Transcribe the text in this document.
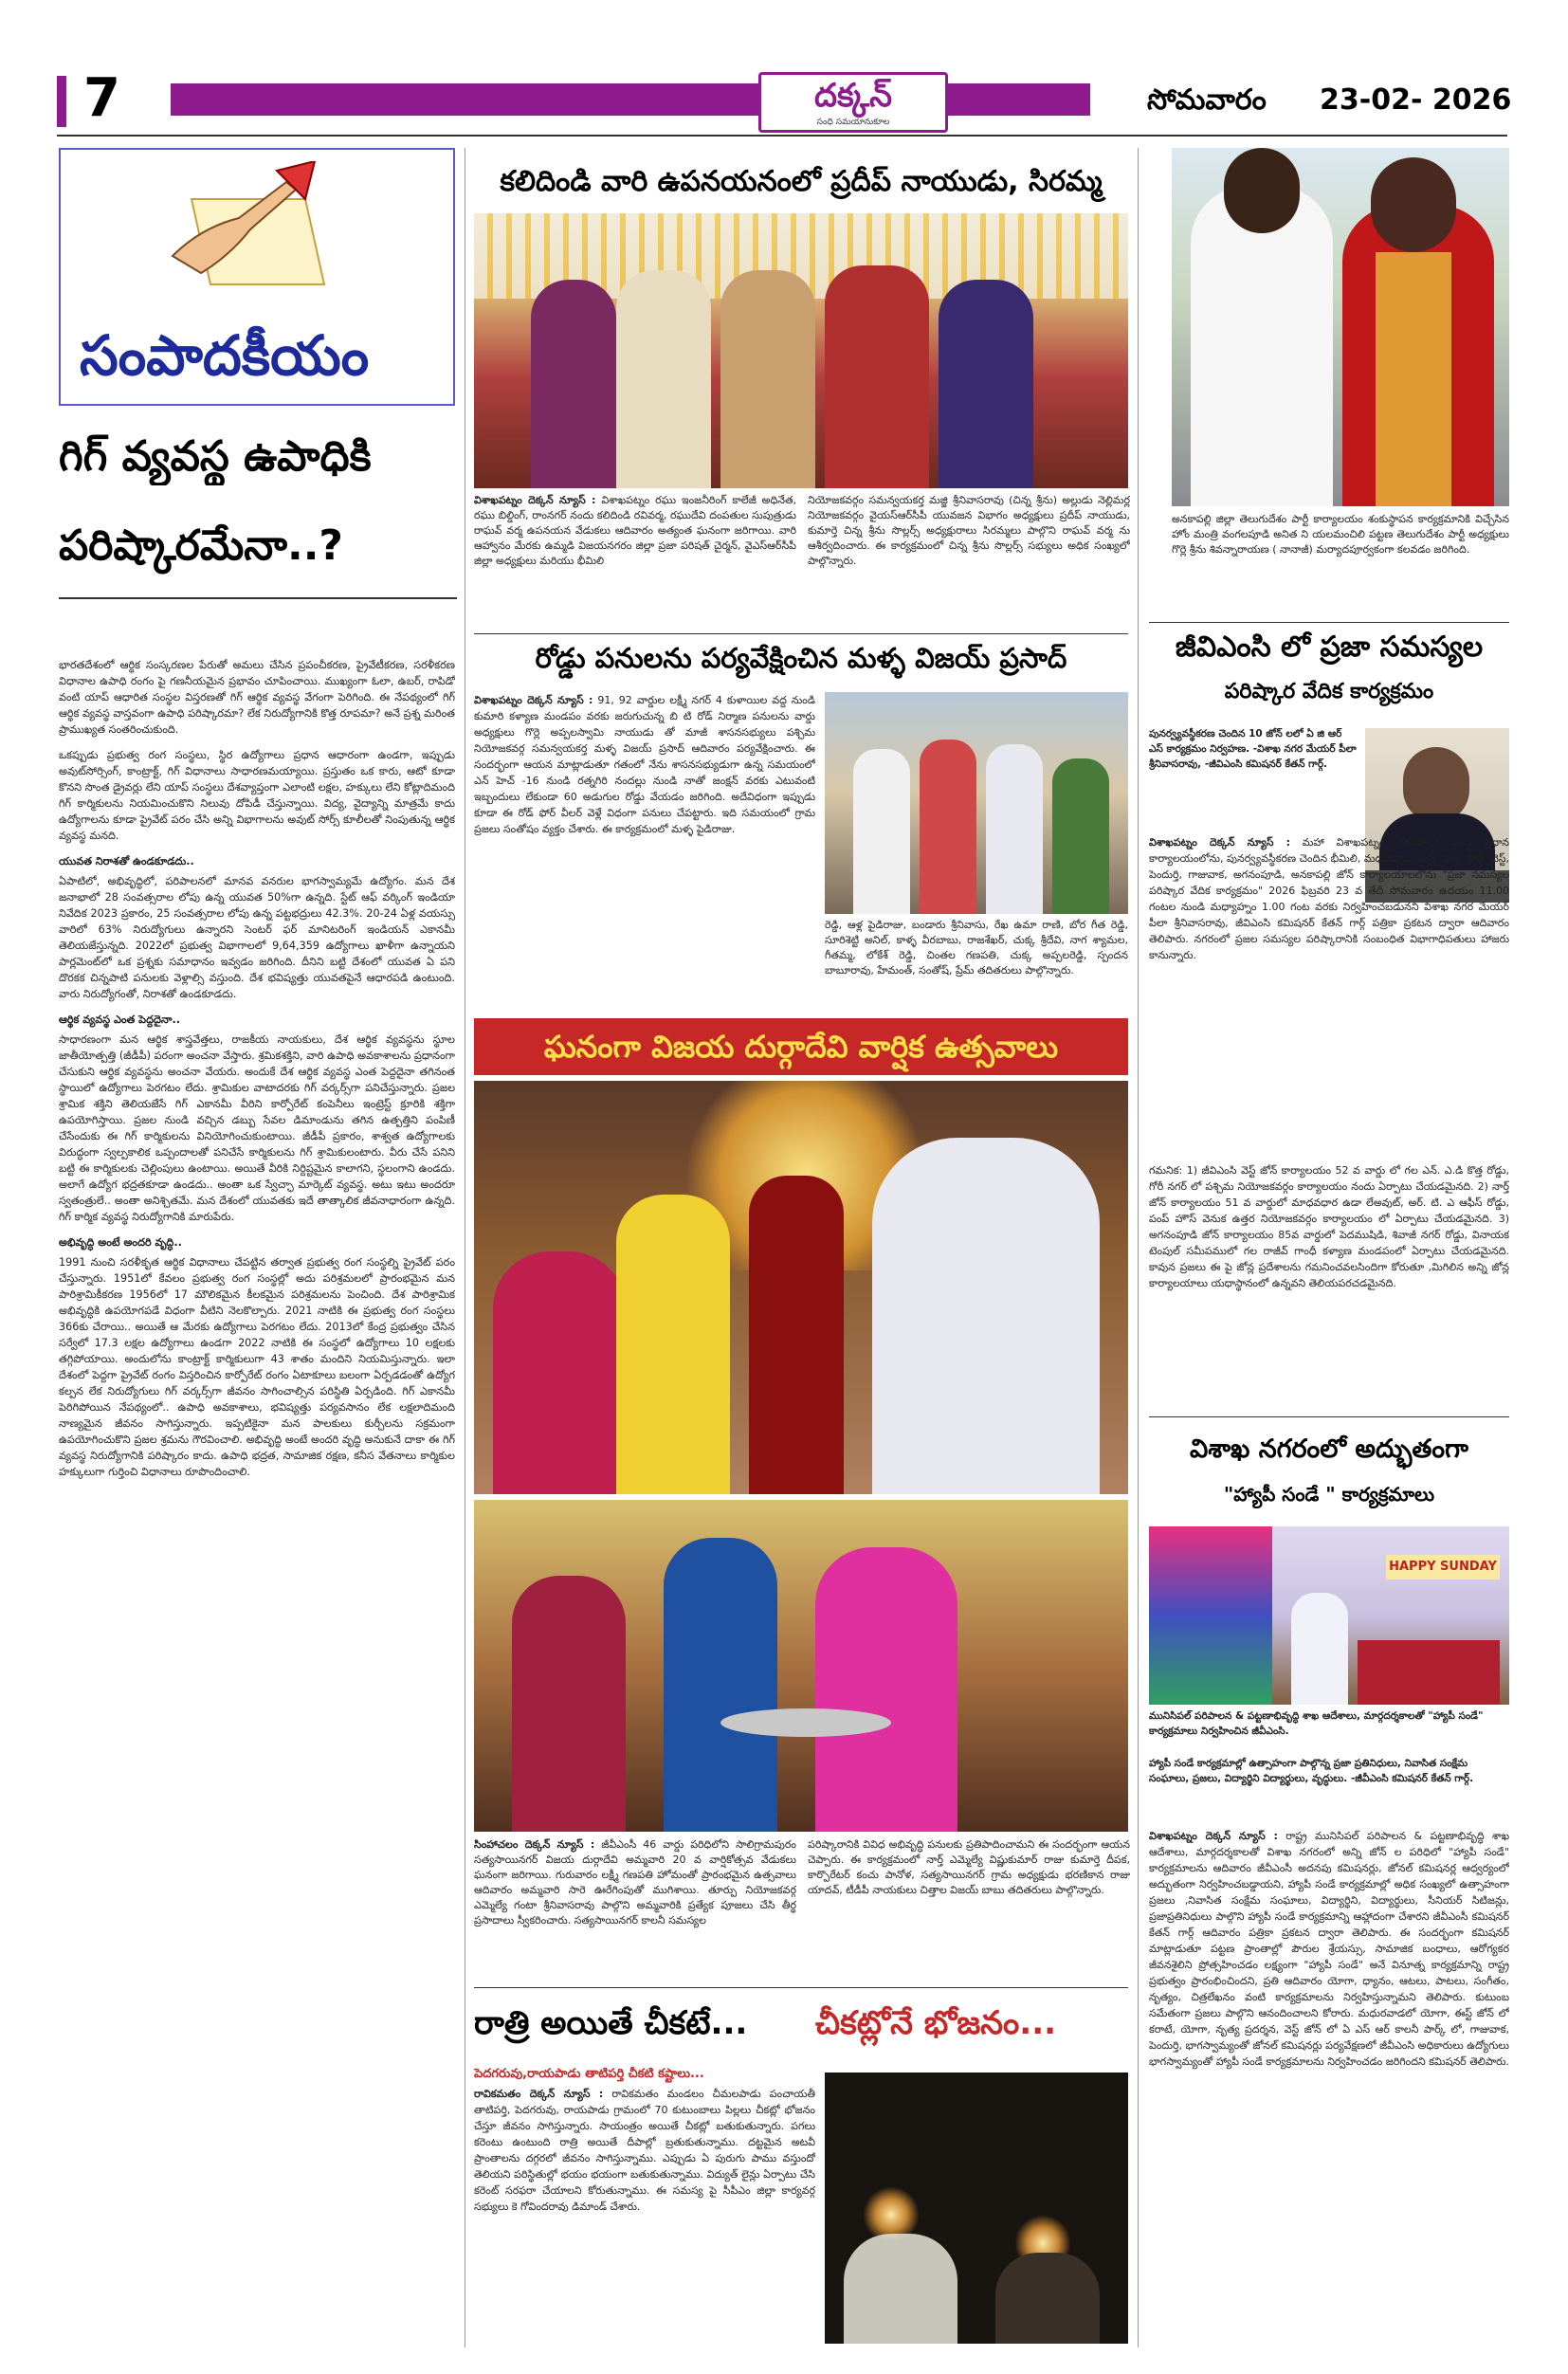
7	దక్కన్
సంధి సమయానుకూల
సోమవారం 23-02- 2026
సంపాదకీయం
గిగ్ వ్యవస్థ ఉపాధికి
పరిష్కారమేనా..?

భారతదేశంలో ఆర్థిక సంస్కరణల పేరుతో అమలు చేసిన ప్రపంచీకరణ, ప్రైవేటీకరణ, సరళీకరణ విధానాల ఉపాధి రంగం పై గణనీయమైన ప్రభావం చూపించాయి. ముఖ్యంగా ఓలా, ఉబర్, రాపిడో వంటి యాప్ ఆధారిత సంస్థల విస్తరణతో గిగ్ ఆర్థిక వ్యవస్థ వేగంగా పెరిగింది. ఈ నేపథ్యంలో గిగ్ ఆర్థిక వ్యవస్థ వాస్తవంగా ఉపాధి పరిష్కారమా? లేక నిరుద్యోగానికి కొత్త రూపమా? అనే ప్రశ్న మరింత ప్రాముఖ్యత సంతరించుకుంది.

ఒకప్పుడు ప్రభుత్వ రంగ సంస్థలు, స్థిర ఉద్యోగాలు ప్రధాన ఆధారంగా ఉండగా, ఇప్పుడు అవుట్‌సోర్సింగ్, కాంట్రాక్ట్, గిగ్ విధానాలు సాధారణమయ్యాయి. ప్రస్తుతం ఒక కారు, ఆటో కూడా కొనని సొంత డ్రైవర్లు లేని యాప్ సంస్థలు దేశవ్యాప్తంగా ఎలాంటి లక్షల, హక్కులు లేని కోట్లాదిమంది గిగ్ కార్మికులను నియమించుకొని నిలువు దోపిడీ చేస్తున్నాయి. విద్య, వైద్యాన్ని మాత్రమే కాదు ఉద్యోగాలను కూడా ప్రైవేట్ పరం చేసి అన్ని విభాగాలను అవుట్ సోర్స్ కూలీలతో నింపుతున్న ఆర్థిక వ్యవస్థ మనది.

యువత నిరాశతో ఉండకూడదు..

ఏపాటిలో, అభివృద్ధిలో, పరిపాలనలో మానవ వనరుల భాగస్వామ్యమే ఉద్యోగం. మన దేశ జనాభాలో 28 సంవత్సరాల లోపు ఉన్న యువత 50%గా ఉన్నది. స్టేట్ ఆఫ్ వర్కింగ్ ఇండియా నివేదిక 2023 ప్రకారం, 25 సంవత్సరాల లోపు ఉన్న పట్టభద్రులు 42.3%. 20-24 ఏళ్ల వయస్సు వారిలో 63% నిరుద్యోగులు ఉన్నారని సెంటర్ ఫర్ మానిటరింగ్ ఇండియన్ ఎకానమీ తెలియజేస్తున్నది. 2022లో ప్రభుత్వ విభాగాలలో 9,64,359 ఉద్యోగాలు ఖాళీగా ఉన్నాయని పార్లమెంట్‌లో ఒక ప్రశ్నకు సమాధానం ఇవ్వడం జరిగింది. దీనిని బట్టి దేశంలో యువత ఏ పని దొరకక చిన్నపాటి పనులకు వెళ్లాల్సి వస్తుంది. దేశ భవిష్యత్తు యువతపైనే ఆధారపడి ఉంటుంది. వారు నిరుద్యోగంతో, నిరాశతో ఉండకూడదు.

ఆర్థిక వ్యవస్థ ఎంత పెద్దదైనా..

సాధారణంగా మన ఆర్థిక శాస్త్రవేత్తలు, రాజకీయ నాయకులు, దేశ ఆర్థిక వ్యవస్థను స్థూల జాతీయోత్పత్తి (జీడీపీ) పరంగా అంచనా వేస్తారు. శ్రమికశక్తిని, వారి ఉపాధి అవకాశాలను ప్రధానంగా చేసుకుని ఆర్థిక వ్యవస్థను అంచనా వేయరు. అందుకే దేశ ఆర్థిక వ్యవస్థ ఎంత పెద్దదైనా తగినంత స్థాయిలో ఉద్యోగాలు పెరగటం లేదు. శ్రామికుల వాటాదరకు గిగ్ వర్కర్స్‌గా పనిచేస్తున్నారు. ప్రజల శ్రామిక శక్తిని తెలియజేసే గిగ్ ఎకానమీ వీరిని కార్పోరేట్ కంపెనీలు ఇంట్రెస్ట్ క్రూరికి శక్తిగా ఉపయోగిస్తాయి. ప్రజల నుండి వచ్చిన డబ్బు సేవల డిమాండును తగిన ఉత్పత్తిని పంపిణీ చేసేందుకు ఈ గిగ్ కార్మికులను వినియోగించుకుంటాయి. జీడీపీ ప్రకారం, శాశ్వత ఉద్యోగాలకు విరుద్ధంగా స్వల్పకాలిక ఒప్పందాలతో పనిచేసే కార్మికులను గిగ్ శ్రామికులంటారు. వీరు చేసే పనిని బట్టి ఈ కార్మికులకు చెల్లింపులు ఉంటాయి. అయితే వీరికి నిర్దిష్టమైన కాలాగని, స్థలంగాని ఉండదు. అలాగే ఉద్యోగ భద్రతకూడా ఉండదు.. అంతా ఒక స్వేచ్ఛా మార్కెట్ వ్యవస్థ. అటు ఇటు అందరూ స్వతంత్రులే.. అంతా అనిశ్చితమే. మన దేశంలో యువతకు ఇదే తాత్కాలిక జీవనాధారంగా ఉన్నది. గిగ్ కార్మిక వ్యవస్థ నిరుద్యోగానికి మారుపేరు.

అభివృద్ధి అంటే అందరి వృద్ధి..

1991 నుంచి సరళీకృత ఆర్థిక విధానాలు చేపట్టిన తర్వాత ప్రభుత్వ రంగ సంస్థల్ని ప్రైవేట్ పరం చేస్తున్నారు. 1951లో కేవలం ప్రభుత్వ రంగ సంస్థల్లో అదు పరిశ్రమలలో ప్రారంభమైన మన పారిశ్రామికీకరణ 1956లో 17 మౌలికమైన కీలకమైన పరిశ్రమలను పెంచింది. దేశ పారిశ్రామిక అభివృద్ధికి ఉపయోగపడే విధంగా వీటిని నెలకొల్పారు. 2021 నాటికి ఈ ప్రభుత్వ రంగ సంస్థలు 366కు చేరాయి.. అయితే ఆ మేరకు ఉద్యోగాలు పెరగటం లేదు. 2013లో కేంద్ర ప్రభుత్వం చేసిన సర్వేలో 17.3 లక్షల ఉద్యోగాలు ఉండగా 2022 నాటికి ఈ సంస్థలో ఉద్యోగాలు 10 లక్షలకు తగ్గిపోయాయి. అందులోను కాంట్రాక్ట్ కార్మికులుగా 43 శాతం మందిని నియమిస్తున్నారు. ఇలా దేశంలో పెద్దగా ప్రైవేట్ రంగం విస్తరించిన కార్పోరేట్ రంగం ఏటాకూలు బలంగా ఏర్పడడంతో ఉద్యోగ కల్పన లేక నిరుద్యోగులు గిగ్ వర్కర్స్‌గా జీవనం సాగించాల్సిన పరిస్థితి ఏర్పడింది. గిగ్ ఎకానమీ పెరిగిపోయిన నేపథ్యంలో.. ఉపాధి అవకాశాలు, భవిష్యత్తు పర్యవసానం లేక లక్షలాదిమంది నాణ్యమైన జీవనం సాగిస్తున్నారు. ఇప్పటికైనా మన పాలకులు కుర్చీలను సక్రమంగా ఉపయోగించుకొని ప్రజల శ్రమను గౌరవించాలి. అభివృద్ధి అంటే అందరి వృద్ధి అనుకునే దాకా ఈ గిగ్ వ్యవస్థ నిరుద్యోగానికి పరిష్కారం కాదు. ఉపాధి భద్రత, సామాజిక రక్షణ, కనీస వేతనాలు కార్మికుల హక్కులుగా గుర్తించి విధానాలు రూపొందించాలి.

కలిదిండి వారి ఉపనయనంలో ప్రదీప్ నాయుడు, సిరమ్మ
విశాఖపట్నం దెక్కన్ న్యూస్ : విశాఖపట్నం రఘు ఇంజనీరింగ్ కాలేజీ అధినేత, రఘు బిల్డింగ్, రాంనగర్ నందు కలిదిండి రవివర్మ, రఘుదేవి దంపతుల సుపుత్రుడు రాఘవ్ వర్మ ఉపనయన వేడుకలు ఆదివారం అత్యంత ఘనంగా జరిగాయి. వారి ఆహ్వానం మేరకు ఉమ్మడి విజయనగరం జిల్లా ప్రజా పరిషత్ చైర్మన్, వైఎస్ఆర్‌సీపీ జిల్లా అధ్యక్షులు మరియు భీమిలి
నియోజకవర్గం సమన్వయకర్త మజ్జి శ్రీనివాసరావు (చిన్న శ్రీను) అల్లుడు నెల్లిమర్ల నియోజకవర్గం వైయస్ఆర్‌సీపీ యువజన విభాగం అధ్యక్షులు ప్రదీప్ నాయుడు, కుమార్తె చిన్న శ్రీను సొల్లర్స్ అధ్యక్షురాలు సిరమ్మలు పాల్గొని రాఘవ్ వర్మ ను ఆశీర్వదించారు. ఈ కార్యక్రమంలో చిన్న శ్రీను సొల్లర్స్ సభ్యులు అధిక సంఖ్యలో పాల్గొన్నారు.
అనకాపల్లి జిల్లా తెలుగుదేశం పార్టీ కార్యాలయం శంకుస్థాపన కార్యక్రమానికి విచ్చేసిన హోం మంత్రి వంగలపూడి అనిత ని యలమంచిలి పట్టణ తెలుగుదేశం పార్టీ అధ్యక్షులు గొర్లె శ్రీను శివన్నారాయణ ( నానాజీ) మర్యాదపూర్వకంగా కలవడం జరిగింది.
రోడ్డు పనులను పర్యవేక్షించిన మళ్ళ విజయ్ ప్రసాద్
విశాఖపట్నం దెక్కన్ న్యూస్ : 91, 92 వార్డుల లక్ష్మీ నగర్ 4 కుళాయిల వద్ద నుండి కుమారి కళ్యాణ మండపం వరకు జరుగుచున్న బి టి రోడ్ నిర్మాణ పనులను వార్డు అధ్యక్షులు గొర్లె అప్పలస్వామి నాయుడు తో మాజీ శాసనసభ్యులు పశ్చిమ నియోజకవర్గ సమన్వయకర్త మళ్ళ విజయ్ ప్రసాద్ ఆదివారం పర్యవేక్షించారు. ఈ సందర్భంగా ఆయన మాట్లాడుతూ గతంలో నేను శాసనసభ్యుడుగా ఉన్న సమయంలో ఎన్ హెచ్ -16 నుండి రత్నగిరి నందల్లు నుండి నాతో జంక్షన్ వరకు ఎటువంటి ఇబ్బందులు లేకుండా 60 అడుగుల రోడ్డు వేయడం జరిగింది. అదేవిధంగా ఇప్పుడు కూడా ఈ రోడ్ ఫోర్ వీలర్ వెళ్లే విధంగా పనులు చేపట్టారు. ఇది సమయంలో గ్రామ ప్రజలు సంతోషం వ్యక్తం చేశారు. ఈ కార్యక్రమంలో మళ్ళ పైడిరాజు.
రెడ్డి, ఆళ్ల పైడిరాజు, బండారు శ్రీనివాసు, రేఖ ఉమా రాణి, బోర గీత రెడ్డి, సూరిశెట్టి అనిల్, కాళ్ళ వీరబాబు, రాజశేఖర్, చుక్క శ్రీదేవి, నాగ శ్యామల, గీతమ్మ, లోకేశ్ రెడ్డి, చింతల గణపతి, చుక్క అప్పలరెడ్డి, స్పందన బాబూరావు, హేమంత్, సంతోష్, ప్రేమ్ తదితరులు పాల్గొన్నారు.
ఘనంగా విజయ దుర్గాదేవి వార్షిక ఉత్సవాలు
సింహాచలం దెక్కన్ న్యూస్ : జీవీఎంసీ 46 వార్డు పరిధిలోని సాలిగ్రామపురం సత్యసాయినగర్ విజయ దుర్గాదేవి అమ్మవారి 20 వ వార్షికోత్సవ వేడుకలు ఘనంగా జరిగాయి. గురువారం లక్ష్మీ గణపతి హోమంతో ప్రారంభమైన ఉత్సవాలు ఆదివారం అమ్మవారి సారె ఊరేగింపుతో ముగిశాయి. తూర్పు నియోజకవర్గ ఎమ్మెల్యే గంటా శ్రీనివాసరావు పాల్గొని అమ్మవారికి ప్రత్యేక పూజలు చేసి తీర్థ ప్రసాదాలు స్వీకరించారు. సత్యసాయినగర్ కాలనీ సమస్యల
పరిష్కారానికి వివిధ అభివృద్ధి పనులకు ప్రతిపాదించామని ఈ సందర్భంగా ఆయన చెప్పారు. ఈ కార్యక్రమంలో నార్త్ ఎమ్మెల్యే విష్ణుకుమార్ రాజు కుమార్తె దీపక, కార్పొరేటర్ కంచు పానోళ, సత్యసాయినగర్ గ్రామ అధ్యక్షుడు భరణికాన రాజు యాదవ్, టీడీపీ నాయకులు చిత్తాల విజయ్ బాబు తదితరులు పాల్గొన్నారు.
రాత్రి అయితే చీకటే... చీకట్లోనే భోజనం...
పెదగరువు,రాయపాడు తాటిపర్తి చీకటి కష్టాలు...
రావికమతం దెక్కన్ న్యూస్ : రావికమతం మండలం చీమలపాడు పంచాయతీ తాటిపర్తి, పెదగరువు, రాయపాడు గ్రామంలో 70 కుటుంబాలు పిల్లలు చీకట్లో భోజనం చేస్తూ జీవనం సాగిస్తున్నారు. సాయంత్రం అయితే చీకట్లో బతుకుతున్నారు. పగలు కరెంటు ఉంటుంది రాత్రి అయితే దీపాల్లో బ్రతుకుతున్నాము. దట్టమైన అటవీ ప్రాంతాలను దగ్గరలో జీవనం సాగిస్తున్నాము. ఎప్పుడు ఏ పురుగు పాము వస్తుందో తెలియని పరిస్థితుల్లో భయం భయంగా బతుకుతున్నాము. విద్యుత్ లైన్లు ఏర్పాటు చేసి కరెంట్ సరఫరా చేయాలని కోరుతున్నాము. ఈ సమస్య పై సీపీఎం జిల్లా కార్యవర్గ సభ్యులు కె గోవిందరావు డిమాండ్ చేశారు.
జీవిఎంసి లో ప్రజా సమస్యల
పరిష్కార వేదిక కార్యక్రమం
పునర్వ్యవస్థీకరణ చెందిన 10 జోన్ లలో ఏ జి ఆర్ ఎస్ కార్యక్రమం నిర్వహణ. -విశాఖ నగర మేయర్ పీలా శ్రీనివాసరావు, -జీవిఎంసి కమిషనర్ కేతన్ గార్గ్.
విశాఖపట్నం దెక్కన్ న్యూస్ : మహా విశాఖపట్నం నగరపాలక సంస్థ ప్రధాన కార్యాలయంలోను, పునర్వ్యవస్థీకరణ చెందిన భీమిలి, మధురవాడ, ఈస్ట్, నార్త్, సౌత్, వెస్ట్, పెందుర్తి, గాజువాక, అగనంపూడి, అనకాపల్లి జోన్ కార్యాలయాలలోను "ప్రజా సమస్యల పరిష్కార వేదిక కార్యక్రమం" 2026 ఫిబ్రవరి 23 వ తేదీ సోమవారం ఉదయం 11.00 గంటల నుండి మధ్యాహ్నం 1.00 గంట వరకు నిర్వహించబడునని విశాఖ నగర మేయర్ పీలా శ్రీనివాసరావు, జీవిఎంసి కమిషనర్ కేతన్ గార్గ్ పత్రికా ప్రకటన ద్వారా ఆదివారం తెలిపారు. నగరంలో ప్రజల సమస్యల పరిష్కారానికి సంబంధిత విభాగాధిపతులు హాజరు కానున్నారు.
గమనిక: 1) జీవిఎంసి వెస్ట్ జోన్ కార్యాలయం 52 వ వార్డు లో గల ఎన్. ఎ.డి కొత్త రోడ్డు, గోరీ నగర్ లో పశ్చిమ నియోజకవర్గం కార్యాలయం నందు ఏర్పాటు చేయడమైనది. 2) నార్త్ జోన్ కార్యాలయం 51 వ వార్డులో మాధవధార ఉడా లేఅవుట్, అర్. టి. ఎ ఆఫీస్ రోడ్డు, పంప్ హౌస్ వెనుక ఉత్తర నియోజకవర్గం కార్యాలయం లో ఏర్పాటు చేయడమైనది. 3) అగనంపూడి జోన్ కార్యాలయం 85వ వార్డులో పెదముషిడి, శివాజీ నగర్ రోడ్డు, వినాయక టెంపుల్ సమీపములో గల రాజీవ్ గాంధీ కళ్యాణ మండపంలో ఏర్పాటు చేయడమైనది. కావున ప్రజలు ఈ పై జోన్ల ప్రదేశాలను గమనించవలసిందిగా కోరుతూ ,మిగిలిన అన్ని జోన్ల కార్యాలయాలు యధాస్థానంలో ఉన్నవని తెలియపరచడమైనది.
విశాఖ నగరంలో అద్భుతంగా
"హ్యాపీ సండే " కార్యక్రమాలు
HAPPY SUNDAY
మునిసిపల్ పరిపాలన & పట్టణాభివృద్ధి శాఖ ఆదేశాలు, మార్గదర్శకాలతో "హ్యాపీ సండే" కార్యక్రమాలు నిర్వహించిన జీవీఎంసి.
హ్యాపీ సండే కార్యక్రమాల్లో ఉత్సాహంగా పాల్గొన్న ప్రజా ప్రతినిధులు, నివాసిత సంక్షేమ సంఘాలు, ప్రజలు, విద్యార్థిని విద్యార్థులు, వృద్ధులు. -జీవీఎంసి కమిషనర్ కేతన్ గార్గ్.
విశాఖపట్నం దెక్కన్ న్యూస్ : రాష్ట్ర మునిసిపల్ పరిపాలన & పట్టణాభివృద్ధి శాఖ ఆదేశాలు, మార్గదర్శకాలతో విశాఖ నగరంలో అన్ని జోన్ ల పరిధిలో "హ్యాపీ సండే" కార్యక్రమాలను ఆదివారం జీవీఎంసీ అదనపు కమిషనర్లు, జోనల్ కమిషనర్ల ఆధ్వర్యంలో అద్భుతంగా నిర్వహించబడ్డాయని, హ్యాపీ సండే కార్యక్రమాల్లో అధిక సంఖ్యలో ఉత్సాహంగా ప్రజలు ,నివాసిత సంక్షేమ సంఘాలు, విద్యార్థిని, విద్యార్థులు, సీనియర్ సిటిజన్లు, ప్రజాప్రతినిధులు పాల్గొని హ్యాపీ సండే కార్యక్రమాన్ని ఆహ్లాదంగా చేశారని జీవీఎంసీ కమిషనర్ కేతన్ గార్గ్ ఆదివారం పత్రికా ప్రకటన ద్వారా తెలిపారు. ఈ సందర్భంగా కమిషనర్ మాట్లాడుతూ పట్టణ ప్రాంతాల్లో పౌరుల శ్రేయస్సు, సామాజిక బంధాలు, ఆరోగ్యకర జీవనశైలిని ప్రోత్సహించడం లక్ష్యంగా "హ్యాపీ సండే" అనే వినూత్న కార్యక్రమాన్ని రాష్ట్ర ప్రభుత్వం ప్రారంభించిందని, ప్రతి ఆదివారం యోగా, ధ్యానం, ఆటలు, పాటలు, సంగీతం, నృత్యం, చిత్రలేఖనం వంటి కార్యక్రమాలను నిర్వహిస్తున్నామని తెలిపారు. కుటుంబ సమేతంగా ప్రజలు పాల్గొని ఆనందించాలని కోరారు. మధురవాడలో యోగా, ఈస్ట్ జోన్ లో కరాటే, యోగా, నృత్య ప్రదర్శన, వెస్ట్ జోన్ లో ఏ ఎస్ ఆర్ కాలనీ పార్క్ లో, గాజువాక, పెందుర్తి, భాగస్వామ్యంతో జోనల్ కమిషనర్లు పర్యవేక్షణలో జీవీఎంసి అధికారులు ఉద్యోగులు భాగస్వామ్యంతో హ్యాపీ సండే కార్యక్రమాలను నిర్వహించడం జరిగిందని కమిషనర్ తెలిపారు.
